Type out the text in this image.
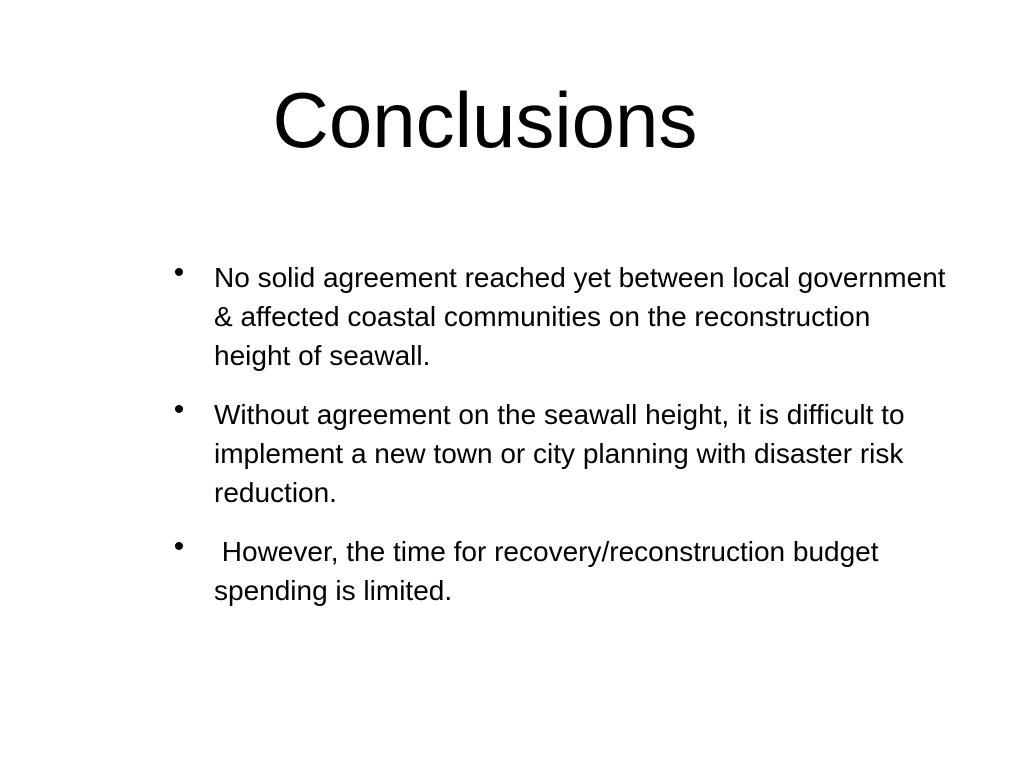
Conclusions
• No solid agreement reached yet between local government & affected coastal communities on the reconstruction height of seawall.
• Without agreement on the seawall height, it is difficult to implement a new town or city planning with disaster risk reduction.
• However, the time for recovery/reconstruction budget spending is limited.
